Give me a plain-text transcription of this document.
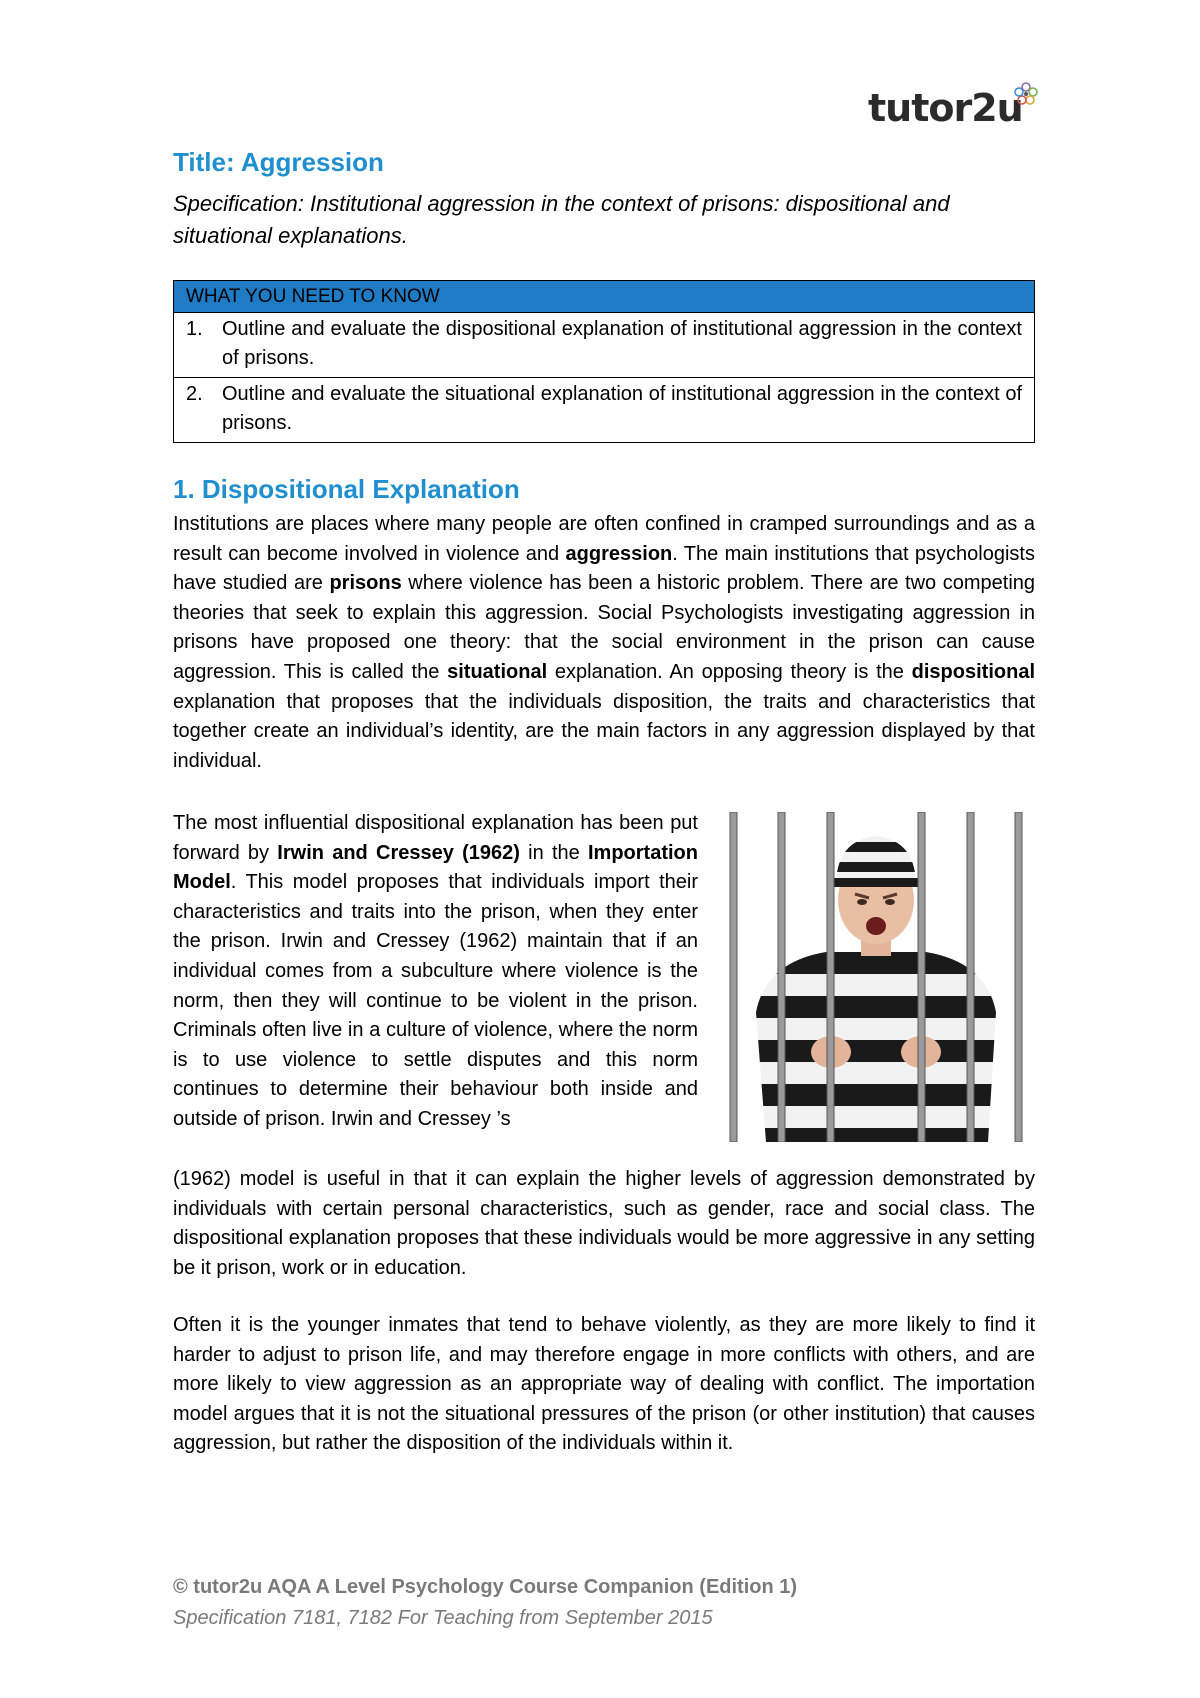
tutor2u
Title: Aggression

Specification: Institutional aggression in the context of prisons: dispositional and situational explanations.

WHAT YOU NEED TO KNOW

1. Outline and evaluate the dispositional explanation of institutional aggression in the context of prisons.

2. Outline and evaluate the situational explanation of institutional aggression in the context of prisons.
1. Dispositional Explanation

Institutions are places where many people are often confined in cramped surroundings and as a result can become involved in violence and aggression. The main institutions that psychologists have studied are prisons where violence has been a historic problem. There are two competing theories that seek to explain this aggression. Social Psychologists investigating aggression in prisons have proposed one theory: that the social environment in the prison can cause aggression. This is called the situational explanation. An opposing theory is the dispositional explanation that proposes that the individuals disposition, the traits and characteristics that together create an individual’s identity, are the main factors in any aggression displayed by that individual.

The most influential dispositional explanation has been put forward by Irwin and Cressey (1962) in the Importation Model. This model proposes that individuals import their characteristics and traits into the prison, when they enter the prison. Irwin and Cressey (1962) maintain that if an individual comes from a subculture where violence is the norm, then they will continue to be violent in the prison. Criminals often live in a culture of violence, where the norm is to use violence to settle disputes and this norm continues to determine their behaviour both inside and outside of prison. Irwin and Cressey ’s

(1962) model is useful in that it can explain the higher levels of aggression demonstrated by individuals with certain personal characteristics, such as gender, race and social class. The dispositional explanation proposes that these individuals would be more aggressive in any setting be it prison, work or in education.

Often it is the younger inmates that tend to behave violently, as they are more likely to find it harder to adjust to prison life, and may therefore engage in more conflicts with others, and are more likely to view aggression as an appropriate way of dealing with conflict. The importation model argues that it is not the situational pressures of the prison (or other institution) that causes aggression, but rather the disposition of the individuals within it.

© tutor2u AQA A Level Psychology Course Companion (Edition 1)
Specification 7181, 7182 For Teaching from September 2015
